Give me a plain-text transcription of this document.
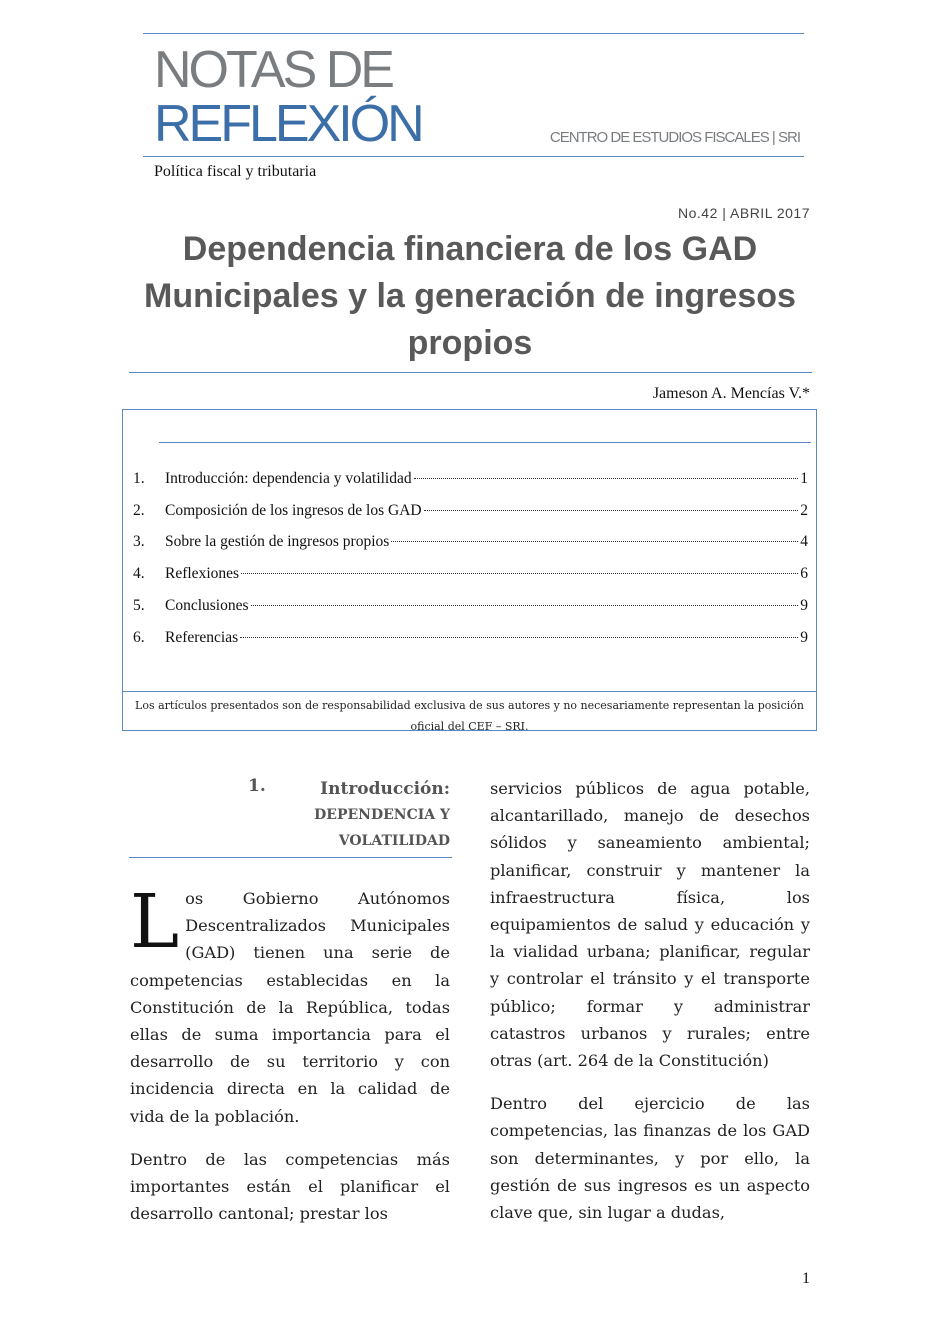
NOTAS DE
REFLEXIÓN	CENTRO DE ESTUDIOS FISCALES | SRI
Política fiscal y tributaria
No.42 | ABRIL 2017
Dependencia financiera de los GAD Municipales y la generación de ingresos propios
Jameson A. Mencías V.*
1.	Introducción: dependencia y volatilidad	1
2.	Composición de los ingresos de los GAD	2
3.	Sobre la gestión de ingresos propios	4
4.	Reflexiones	6
5.	Conclusiones	9
6.	Referencias	9
Los artículos presentados son de responsabilidad exclusiva de sus autores y no necesariamente representan la posición oficial del CEF – SRI.
1.	Introducción:
DEPENDENCIA Y
VOLATILIDAD

Los Gobierno Autónomos Descentralizados Municipales (GAD) tienen una serie de competencias establecidas en la Constitución de la República, todas ellas de suma importancia para el desarrollo de su territorio y con incidencia directa en la calidad de vida de la población.

Dentro de las competencias más importantes están el planificar el desarrollo cantonal; prestar los

servicios públicos de agua potable, alcantarillado, manejo de desechos sólidos y saneamiento ambiental; planificar, construir y mantener la infraestructura física, los equipamientos de salud y educación y la vialidad urbana; planificar, regular y controlar el tránsito y el transporte público; formar y administrar catastros urbanos y rurales; entre otras (art. 264 de la Constitución)

Dentro del ejercicio de las competencias, las finanzas de los GAD son determinantes, y por ello, la gestión de sus ingresos es un aspecto clave que, sin lugar a dudas,

1
